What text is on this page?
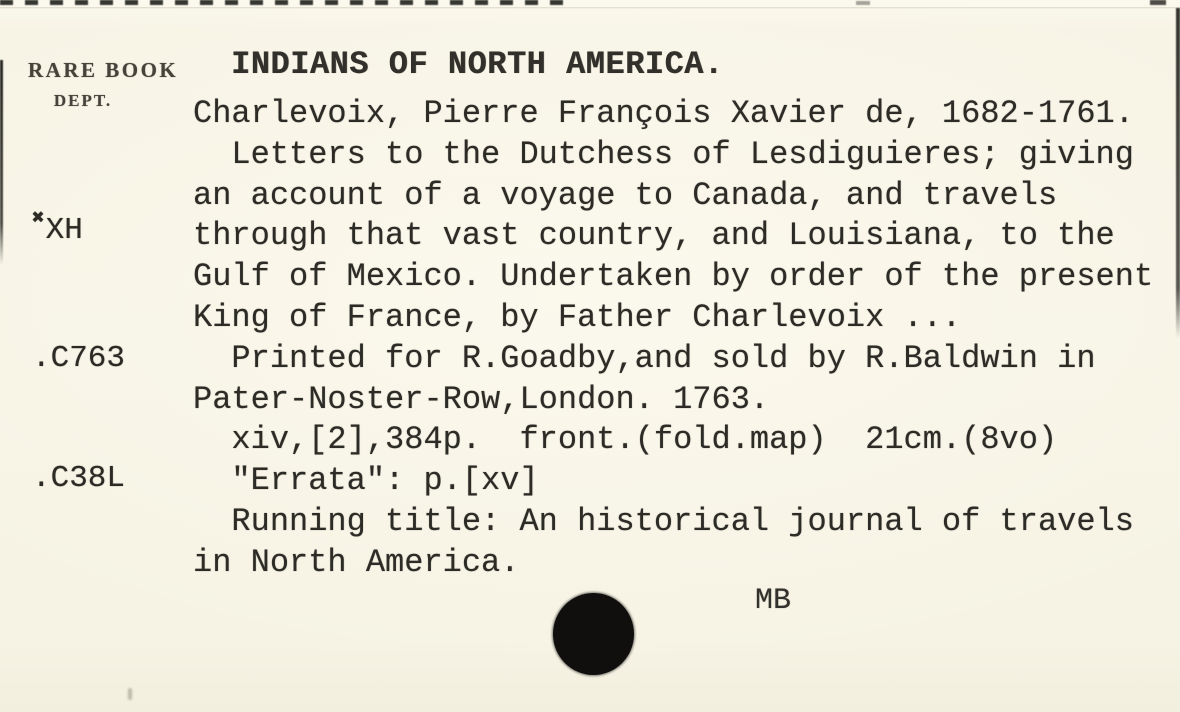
RARE BOOK
DEPT.

✖XH

.C763

.C38L

INDIANS OF NORTH AMERICA.
Charlevoix, Pierre François Xavier de, 1682-1761.
Letters to the Dutchess of Lesdiguieres; giving
an account of a voyage to Canada, and travels
through that vast country, and Louisiana, to the
Gulf of Mexico. Undertaken by order of the present
King of France, by Father Charlevoix ...
Printed for R.Goadby,and sold by R.Baldwin in
Pater-Noster-Row,London. 1763.
xiv,[2],384p.  front.(fold.map)  21cm.(8vo)
"Errata": p.[xv]
Running title: An historical journal of travels
in North America.
MB
